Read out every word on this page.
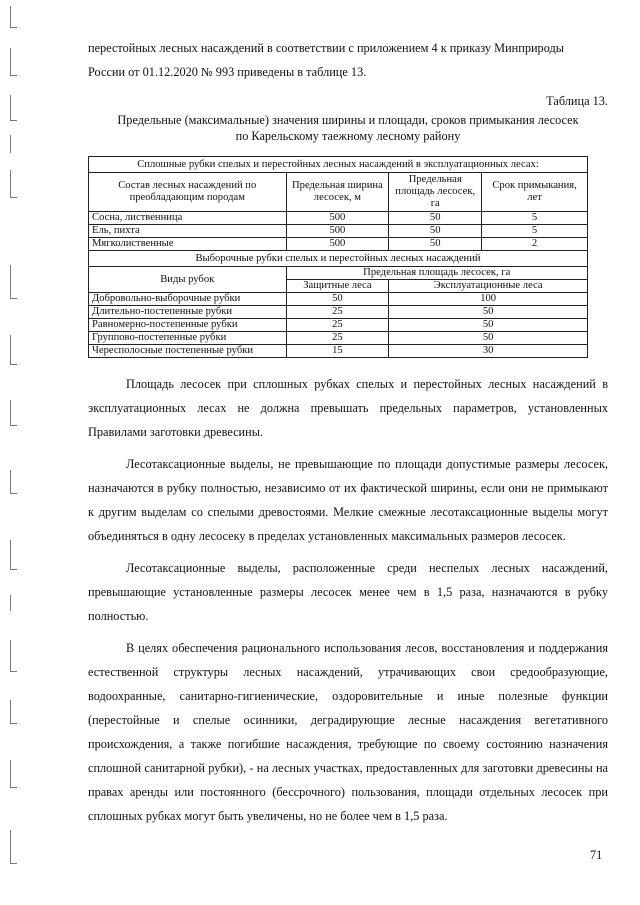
перестойных лесных насаждений в соответствии с приложением 4 к приказу Минприроды

России от 01.12.2020 № 993 приведены в таблице 13.

Таблица 13.
Предельные (максимальные) значения ширины и площади, сроков примыкания лесосек
по Карельскому таежному лесному району
Сплошные рубки спелых и перестойных лесных насаждений в эксплуатационных лесах:			
Состав лесных насаждений по преобладающим породам	Предельная ширина лесосек, м	Предельная площадь лесосек, га	Срок примыкания, лет
Сосна, лиственница	500	50	5
Ель, пихта	500	50	5
Мягколиственные	500	50	2
Выборочные рубки спелых и перестойных лесных насаждений			
Виды рубок	Предельная площадь лесосек, га		
	Защитные леса	Эксплуатационные леса	
Добровольно-выборочные рубки	50	100	
Длительно-постепенные рубки	25	50	
Равномерно-постепенные рубки	25	50	
Группово-постепенные рубки	25	50	
Чересполосные постепенные рубки	15	30	

Площадь лесосек при сплошных рубках спелых и перестойных лесных насаждений в эксплуатационных лесах не должна превышать предельных параметров, установленных Правилами заготовки древесины.

Лесотаксационные выделы, не превышающие по площади допустимые размеры лесосек, назначаются в рубку полностью, независимо от их фактической ширины, если они не примыкают к другим выделам со спелыми древостоями. Мелкие смежные лесотаксационные выделы могут объединяться в одну лесосеку в пределах установленных максимальных размеров лесосек.

Лесотаксационные выделы, расположенные среди неспелых лесных насаждений, превышающие установленные размеры лесосек менее чем в 1,5 раза, назначаются в рубку полностью.

В целях обеспечения рационального использования лесов, восстановления и поддержания естественной структуры лесных насаждений, утрачивающих свои средообразующие, водоохранные, санитарно-гигиенические, оздоровительные и иные полезные функции (перестойные и спелые осинники, деградирующие лесные насаждения вегетативного происхождения, а также погибшие насаждения, требующие по своему состоянию назначения сплошной санитарной рубки), - на лесных участках, предоставленных для заготовки древесины на правах аренды или постоянного (бессрочного) пользования, площади отдельных лесосек при сплошных рубках могут быть увеличены, но не более чем в 1,5 раза.

71
